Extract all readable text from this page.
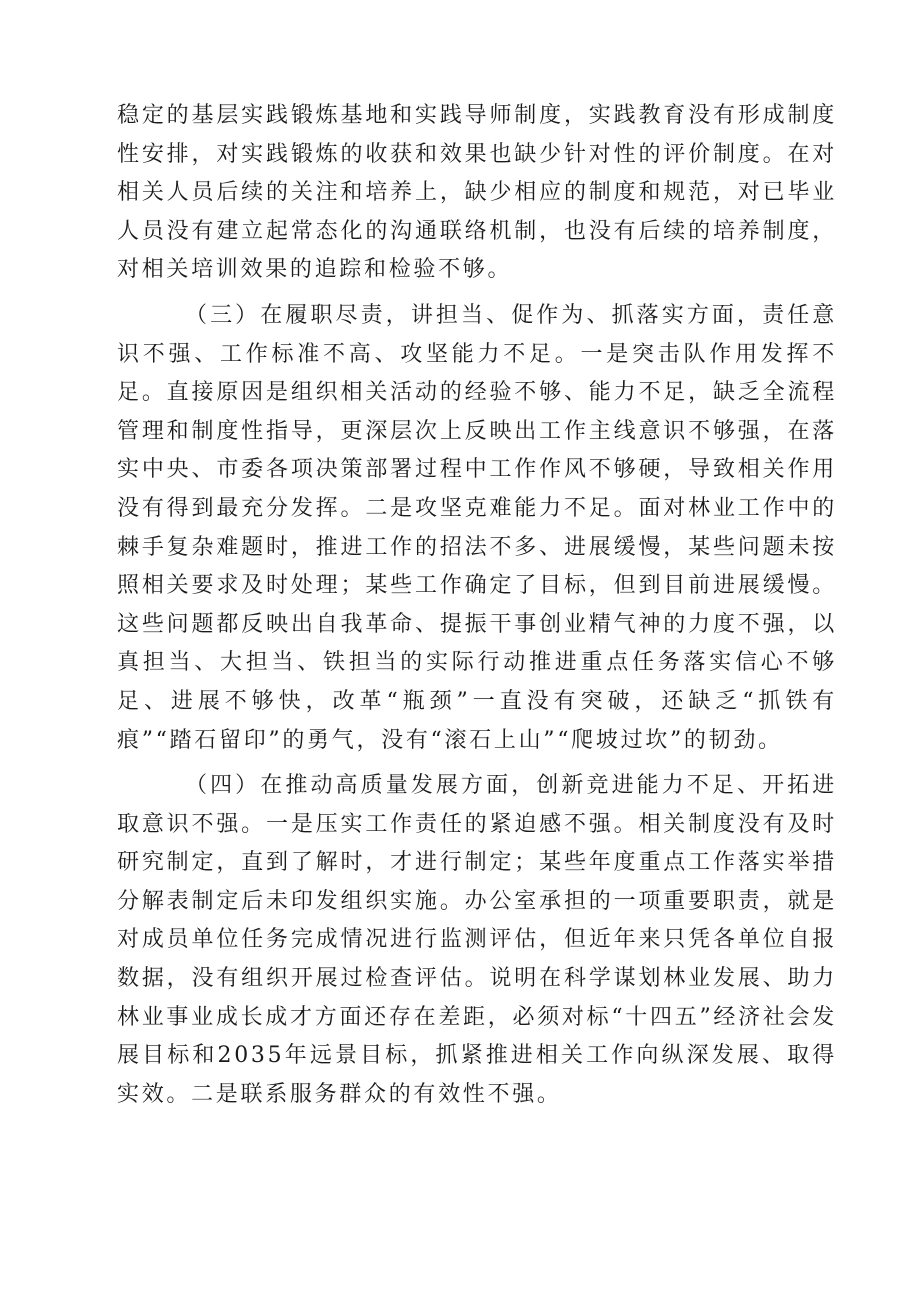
稳定的基层实践锻炼基地和实践导师制度，实践教育没有形成制度性安排，对实践锻炼的收获和效果也缺少针对性的评价制度。在对相关人员后续的关注和培养上，缺少相应的制度和规范，对已毕业人员没有建立起常态化的沟通联络机制，也没有后续的培养制度，对相关培训效果的追踪和检验不够。

（三）在履职尽责，讲担当、促作为、抓落实方面，责任意识不强、工作标准不高、攻坚能力不足。一是突击队作用发挥不足。直接原因是组织相关活动的经验不够、能力不足，缺乏全流程管理和制度性指导，更深层次上反映出工作主线意识不够强，在落实中央、市委各项决策部署过程中工作作风不够硬，导致相关作用没有得到最充分发挥。二是攻坚克难能力不足。面对林业工作中的棘手复杂难题时，推进工作的招法不多、进展缓慢，某些问题未按照相关要求及时处理；某些工作确定了目标，但到目前进展缓慢。这些问题都反映出自我革命、提振干事创业精气神的力度不强，以真担当、大担当、铁担当的实际行动推进重点任务落实信心不够足、进展不够快，改革“瓶颈”一直没有突破，还缺乏“抓铁有痕”“踏石留印”的勇气，没有“滚石上山”“爬坡过坎”的韧劲。

（四）在推动高质量发展方面，创新竞进能力不足、开拓进取意识不强。一是压实工作责任的紧迫感不强。相关制度没有及时研究制定，直到了解时，才进行制定；某些年度重点工作落实举措分解表制定后未印发组织实施。办公室承担的一项重要职责，就是对成员单位任务完成情况进行监测评估，但近年来只凭各单位自报数据，没有组织开展过检查评估。说明在科学谋划林业发展、助力林业事业成长成才方面还存在差距，必须对标“十四五”经济社会发展目标和2035年远景目标，抓紧推进相关工作向纵深发展、取得实效。二是联系服务群众的有效性不强。
